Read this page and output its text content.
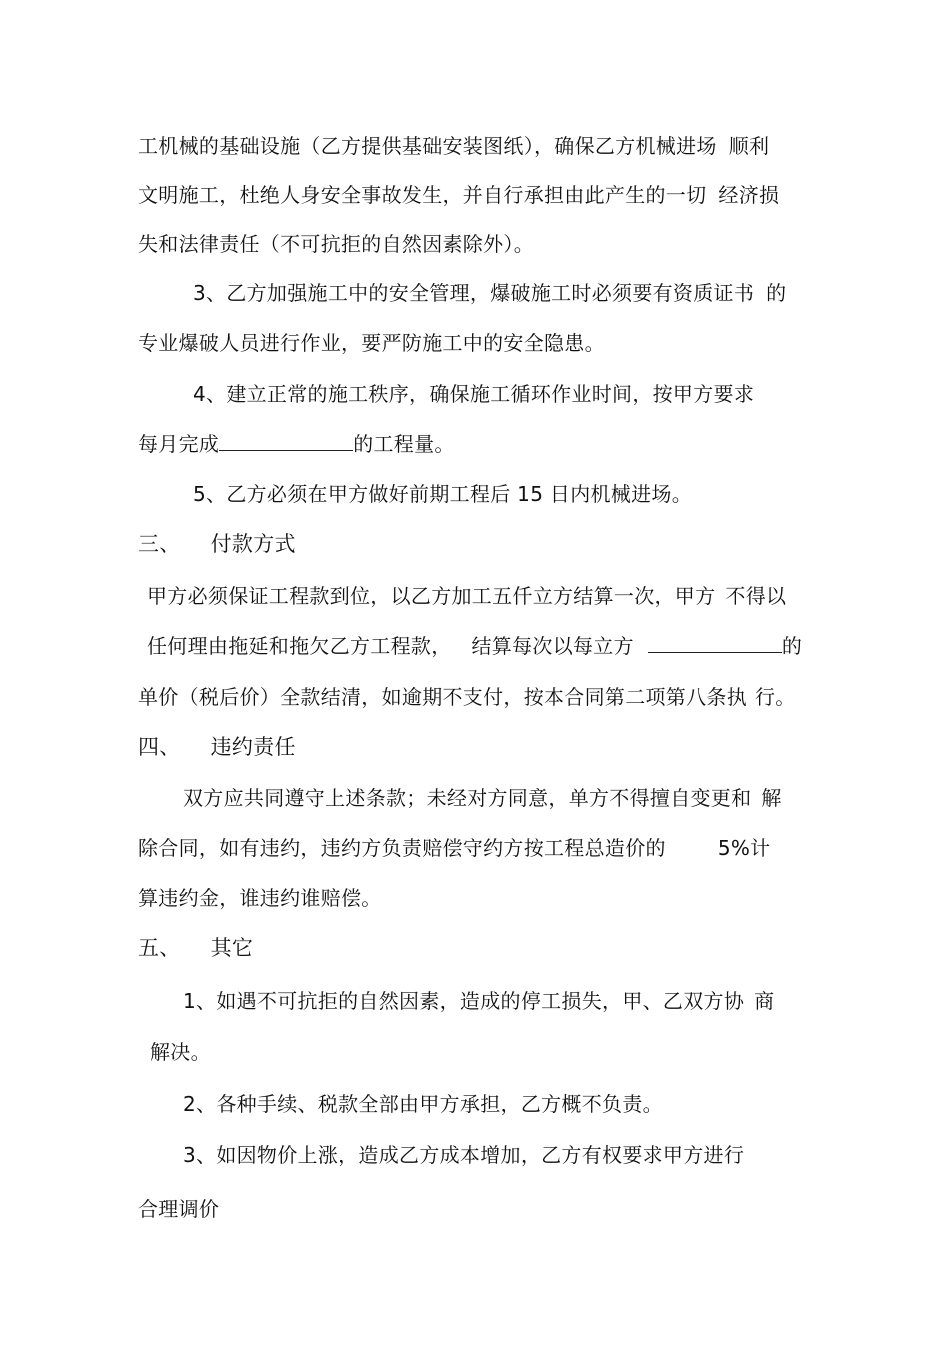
工机械的基础设施（乙方提供基础安装图纸），确保乙方机械进场 顺利
文明施工，杜绝人身安全事故发生，并自行承担由此产生的一切 经济损
失和法律责任（不可抗拒的自然因素除外）。
3、乙方加强施工中的安全管理，爆破施工时必须要有资质证书 的
专业爆破人员进行作业，要严防施工中的安全隐患。
4、建立正常的施工秩序，确保施工循环作业时间，按甲方要求
每月完成	的工程量。
5、乙方必须在甲方做好前期工程后 15 日内机械进场。
三、 付款方式
甲方必须保证工程款到位，以乙方加工五仟立方结算一次，甲方 不得以
任何理由拖延和拖欠乙方工程款， 结算每次以每立方	的
单价（税后价）全款结清，如逾期不支付，按本合同第二项第八条执 行。
四、 违约责任
双方应共同遵守上述条款；未经对方同意，单方不得擅自变更和 解
除合同，如有违约，违约方负责赔偿守约方按工程总造价的	5%计
算违约金，谁违约谁赔偿。
五、 其它
1、如遇不可抗拒的自然因素，造成的停工损失，甲、乙双方协 商
解决。
2、各种手续、税款全部由甲方承担，乙方概不负责。
3、如因物价上涨，造成乙方成本增加，乙方有权要求甲方进行
合理调价
